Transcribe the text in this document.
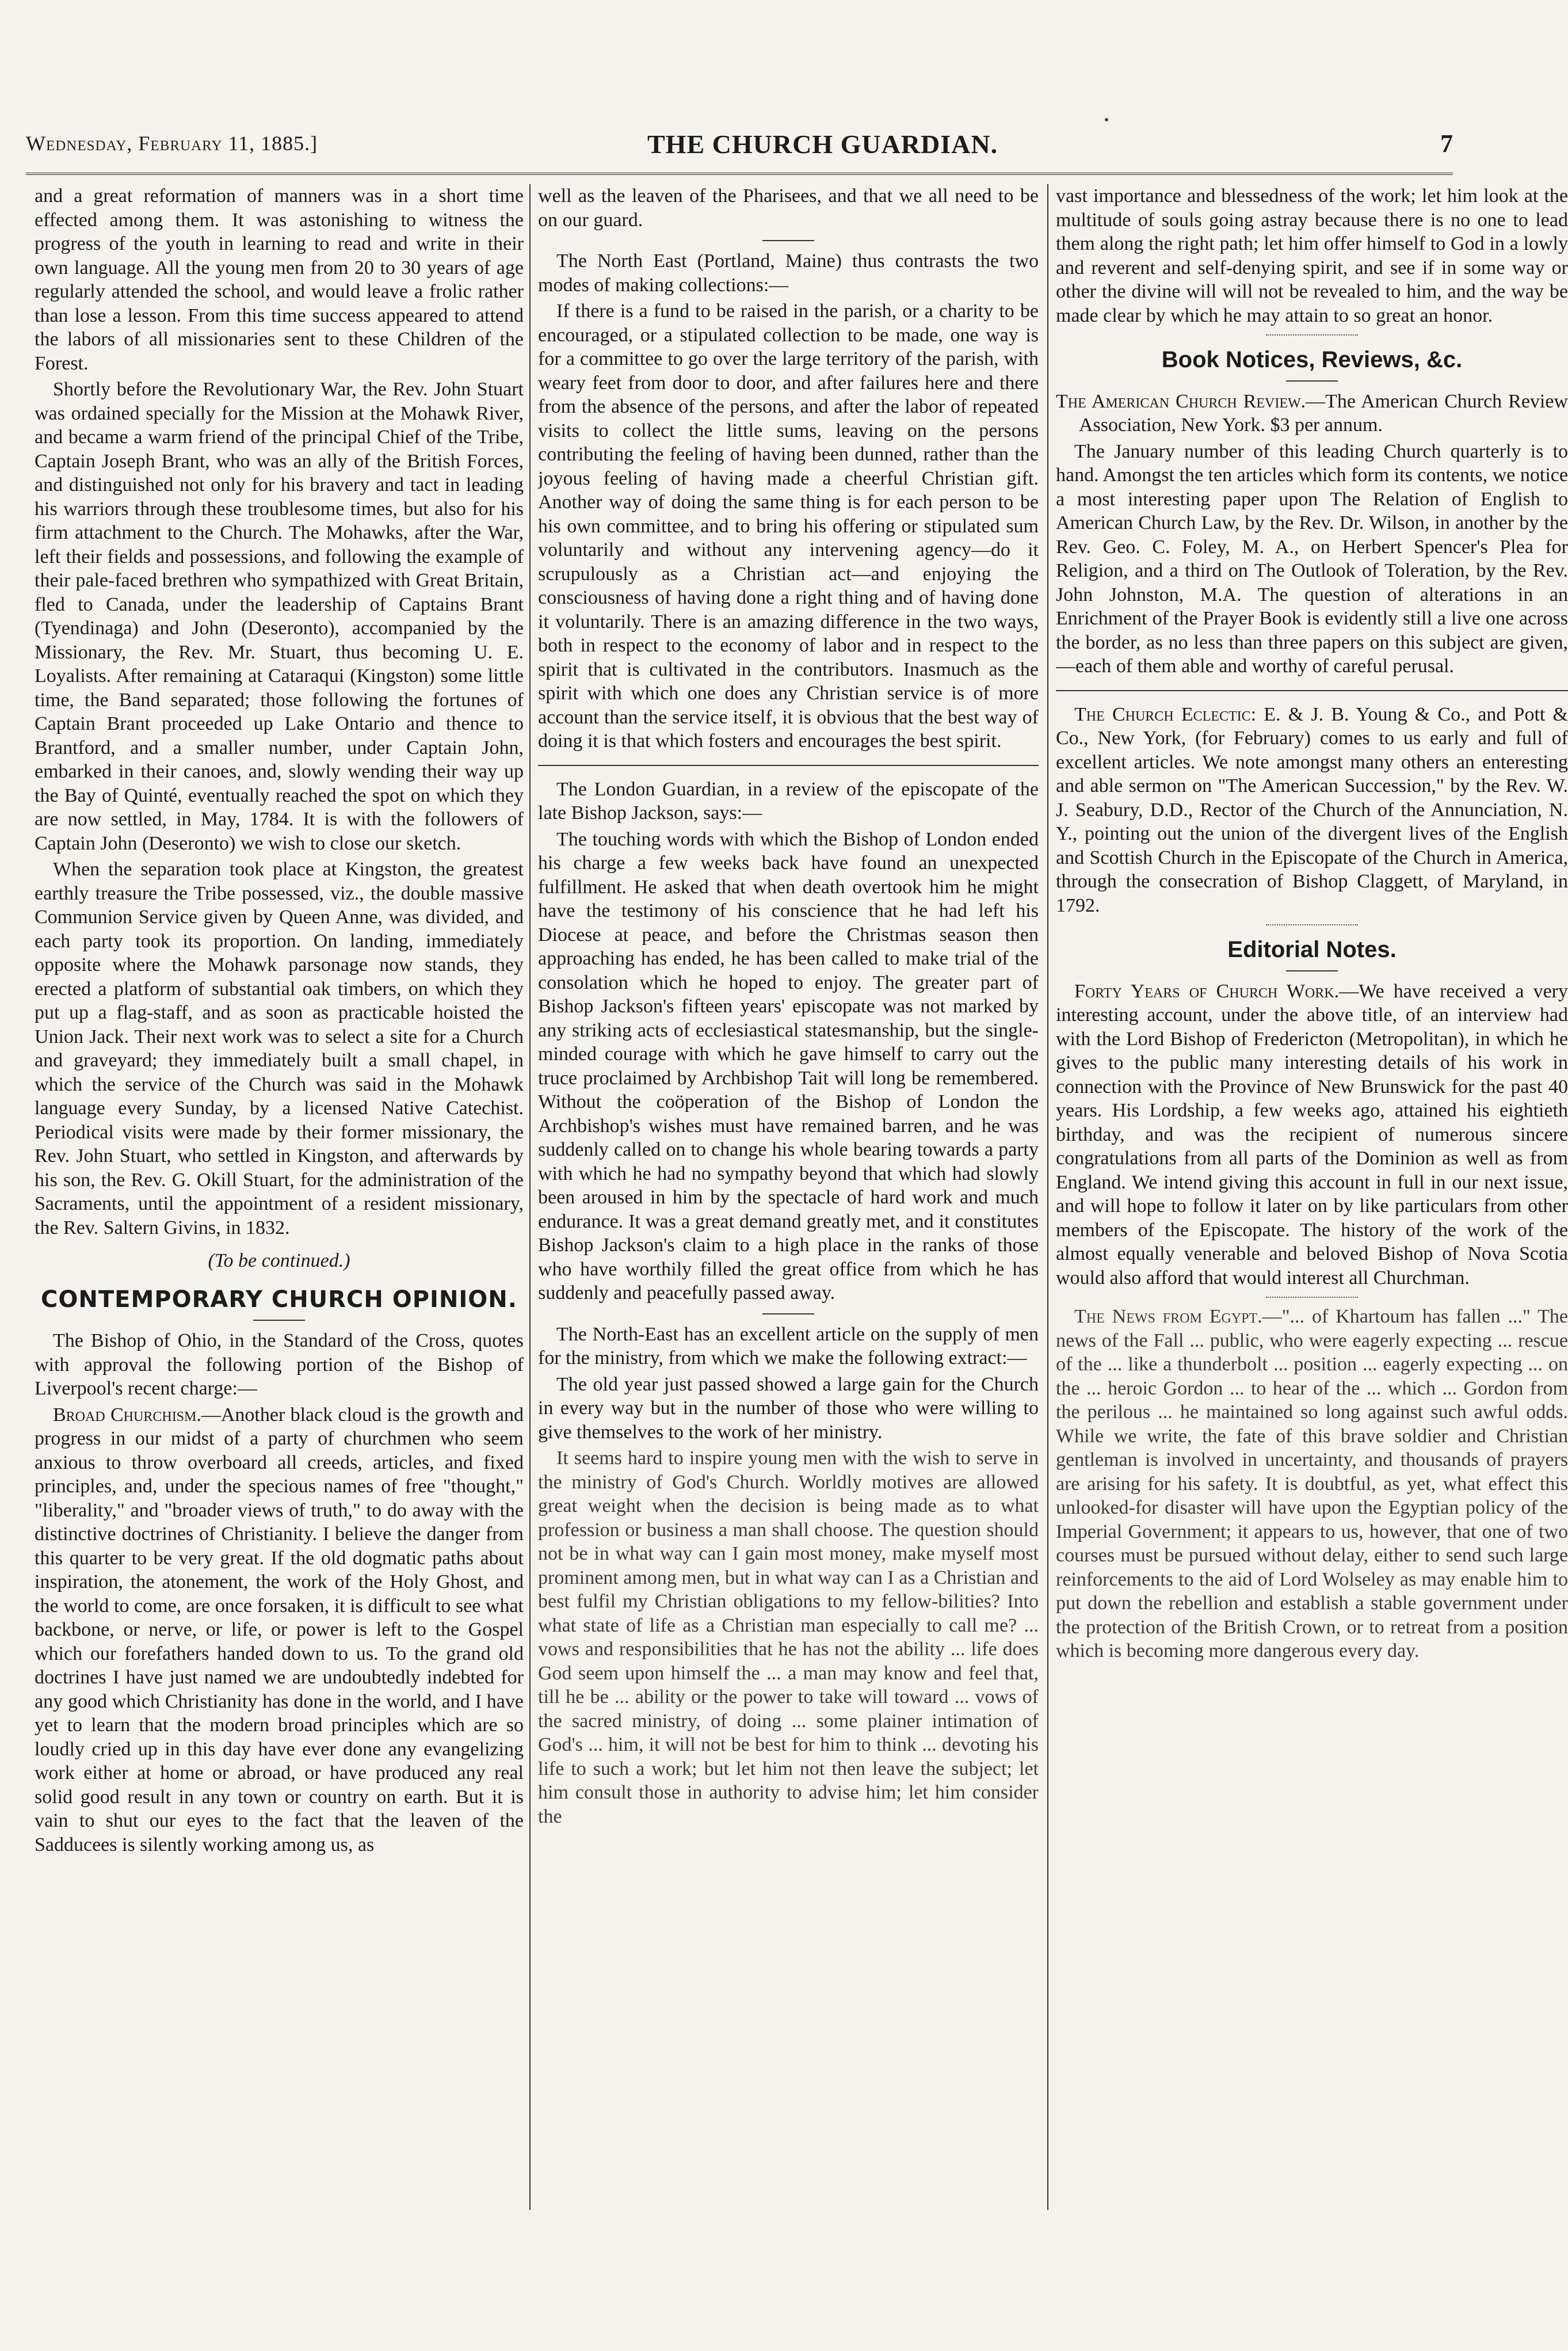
Wednesday, February 11, 1885.]	THE CHURCH GUARDIAN.	7

and a great reformation of manners was in a short time effected among them. It was astonishing to witness the progress of the youth in learning to read and write in their own language. All the young men from 20 to 30 years of age regularly attended the school, and would leave a frolic rather than lose a lesson. From this time success appeared to attend the labors of all missionaries sent to these Children of the Forest.

Shortly before the Revolutionary War, the Rev. John Stuart was ordained specially for the Mission at the Mohawk River, and became a warm friend of the principal Chief of the Tribe, Captain Joseph Brant, who was an ally of the British Forces, and distinguished not only for his bravery and tact in leading his warriors through these troublesome times, but also for his firm attachment to the Church. The Mohawks, after the War, left their fields and possessions, and following the example of their pale-faced brethren who sympathized with Great Britain, fled to Canada, under the leadership of Captains Brant (Tyendinaga) and John (Deseronto), accompanied by the Missionary, the Rev. Mr. Stuart, thus becoming U. E. Loyalists. After remaining at Cataraqui (Kingston) some little time, the Band separated; those following the fortunes of Captain Brant proceeded up Lake Ontario and thence to Brantford, and a smaller number, under Captain John, embarked in their canoes, and, slowly wending their way up the Bay of Quinté, eventually reached the spot on which they are now settled, in May, 1784. It is with the followers of Captain John (Deseronto) we wish to close our sketch.

When the separation took place at Kingston, the greatest earthly treasure the Tribe possessed, viz., the double massive Communion Service given by Queen Anne, was divided, and each party took its proportion. On landing, immediately opposite where the Mohawk parsonage now stands, they erected a platform of substantial oak timbers, on which they put up a flag-staff, and as soon as practicable hoisted the Union Jack. Their next work was to select a site for a Church and graveyard; they immediately built a small chapel, in which the service of the Church was said in the Mohawk language every Sunday, by a licensed Native Catechist. Periodical visits were made by their former missionary, the Rev. John Stuart, who settled in Kingston, and afterwards by his son, the Rev. G. Okill Stuart, for the administration of the Sacraments, until the appointment of a resident missionary, the Rev. Saltern Givins, in 1832.

(To be continued.)

CONTEMPORARY CHURCH OPINION.

The Bishop of Ohio, in the Standard of the Cross, quotes with approval the following portion of the Bishop of Liverpool's recent charge:—

Broad Churchism.—Another black cloud is the growth and progress in our midst of a party of churchmen who seem anxious to throw overboard all creeds, articles, and fixed principles, and, under the specious names of free "thought," "liberality," and "broader views of truth," to do away with the distinctive doctrines of Christianity. I believe the danger from this quarter to be very great. If the old dogmatic paths about inspiration, the atonement, the work of the Holy Ghost, and the world to come, are once forsaken, it is difficult to see what backbone, or nerve, or life, or power is left to the Gospel which our forefathers handed down to us. To the grand old doctrines I have just named we are undoubtedly indebted for any good which Christianity has done in the world, and I have yet to learn that the modern broad principles which are so loudly cried up in this day have ever done any evangelizing work either at home or abroad, or have produced any real solid good result in any town or country on earth. But it is vain to shut our eyes to the fact that the leaven of the Sadducees is silently working among us, as

well as the leaven of the Pharisees, and that we all need to be on our guard.

The North East (Portland, Maine) thus contrasts the two modes of making collections:—

If there is a fund to be raised in the parish, or a charity to be encouraged, or a stipulated collection to be made, one way is for a committee to go over the large territory of the parish, with weary feet from door to door, and after failures here and there from the absence of the persons, and after the labor of repeated visits to collect the little sums, leaving on the persons contributing the feeling of having been dunned, rather than the joyous feeling of having made a cheerful Christian gift. Another way of doing the same thing is for each person to be his own committee, and to bring his offering or stipulated sum voluntarily and without any intervening agency—do it scrupulously as a Christian act—and enjoying the consciousness of having done a right thing and of having done it voluntarily. There is an amazing difference in the two ways, both in respect to the economy of labor and in respect to the spirit that is cultivated in the contributors. Inasmuch as the spirit with which one does any Christian service is of more account than the service itself, it is obvious that the best way of doing it is that which fosters and encourages the best spirit.

The London Guardian, in a review of the episcopate of the late Bishop Jackson, says:—

The touching words with which the Bishop of London ended his charge a few weeks back have found an unexpected fulfillment. He asked that when death overtook him he might have the testimony of his conscience that he had left his Diocese at peace, and before the Christmas season then approaching has ended, he has been called to make trial of the consolation which he hoped to enjoy. The greater part of Bishop Jackson's fifteen years' episcopate was not marked by any striking acts of ecclesiastical statesmanship, but the single-minded courage with which he gave himself to carry out the truce proclaimed by Archbishop Tait will long be remembered. Without the coöperation of the Bishop of London the Archbishop's wishes must have remained barren, and he was suddenly called on to change his whole bearing towards a party with which he had no sympathy beyond that which had slowly been aroused in him by the spectacle of hard work and much endurance. It was a great demand greatly met, and it constitutes Bishop Jackson's claim to a high place in the ranks of those who have worthily filled the great office from which he has suddenly and peacefully passed away.

The North-East has an excellent article on the supply of men for the ministry, from which we make the following extract:—

The old year just passed showed a large gain for the Church in every way but in the number of those who were willing to give themselves to the work of her ministry.

It seems hard to inspire young men with the wish to serve in the ministry of God's Church. Worldly motives are allowed great weight when the decision is being made as to what profession or business a man shall choose. The question should not be in what way can I gain most money, make myself most prominent among men, but in what way can I as a Christian and best fulfil my Christian obligations to my fellow-bilities? Into what state of life as a Christian man especially to call me? ... vows and responsibilities that he has not the ability ... life does God seem upon himself the ... a man may know and feel that, till he be ... ability or the power to take will toward ... vows of the sacred ministry, of doing ... some plainer intimation of God's ... him, it will not be best for him to think ... devoting his life to such a work; but let him not then leave the subject; let him consult those in authority to advise him; let him consider the

vast importance and blessedness of the work; let him look at the multitude of souls going astray because there is no one to lead them along the right path; let him offer himself to God in a lowly and reverent and self-denying spirit, and see if in some way or other the divine will will not be revealed to him, and the way be made clear by which he may attain to so great an honor.

Book Notices, Reviews, &c.

The American Church Review.—The American Church Review Association, New York. $3 per annum.

The January number of this leading Church quarterly is to hand. Amongst the ten articles which form its contents, we notice a most interesting paper upon The Relation of English to American Church Law, by the Rev. Dr. Wilson, in another by the Rev. Geo. C. Foley, M. A., on Herbert Spencer's Plea for Religion, and a third on The Outlook of Toleration, by the Rev. John Johnston, M.A. The question of alterations in an Enrichment of the Prayer Book is evidently still a live one across the border, as no less than three papers on this subject are given,—each of them able and worthy of careful perusal.

The Church Eclectic: E. & J. B. Young & Co., and Pott & Co., New York, (for February) comes to us early and full of excellent articles. We note amongst many others an enteresting and able sermon on "The American Succession," by the Rev. W. J. Seabury, D.D., Rector of the Church of the Annunciation, N. Y., pointing out the union of the divergent lives of the English and Scottish Church in the Episcopate of the Church in America, through the consecration of Bishop Claggett, of Maryland, in 1792.

Editorial Notes.

Forty Years of Church Work.—We have received a very interesting account, under the above title, of an interview had with the Lord Bishop of Fredericton (Metropolitan), in which he gives to the public many interesting details of his work in connection with the Province of New Brunswick for the past 40 years. His Lordship, a few weeks ago, attained his eightieth birthday, and was the recipient of numerous sincere congratulations from all parts of the Dominion as well as from England. We intend giving this account in full in our next issue, and will hope to follow it later on by like particulars from other members of the Episcopate. The history of the work of the almost equally venerable and beloved Bishop of Nova Scotia would also afford that would interest all Churchman.

The News from Egypt.—"... of Khartoum has fallen ..." The news of the Fall ... public, who were eagerly expecting ... rescue of the ... like a thunderbolt ... position ... eagerly expecting ... on the ... heroic Gordon ... to hear of the ... which ... Gordon from the perilous ... he maintained so long against such awful odds. While we write, the fate of this brave soldier and Christian gentleman is involved in uncertainty, and thousands of prayers are arising for his safety. It is doubtful, as yet, what effect this unlooked-for disaster will have upon the Egyptian policy of the Imperial Government; it appears to us, however, that one of two courses must be pursued without delay, either to send such large reinforcements to the aid of Lord Wolseley as may enable him to put down the rebellion and establish a stable government under the protection of the British Crown, or to retreat from a position which is becoming more dangerous every day.
